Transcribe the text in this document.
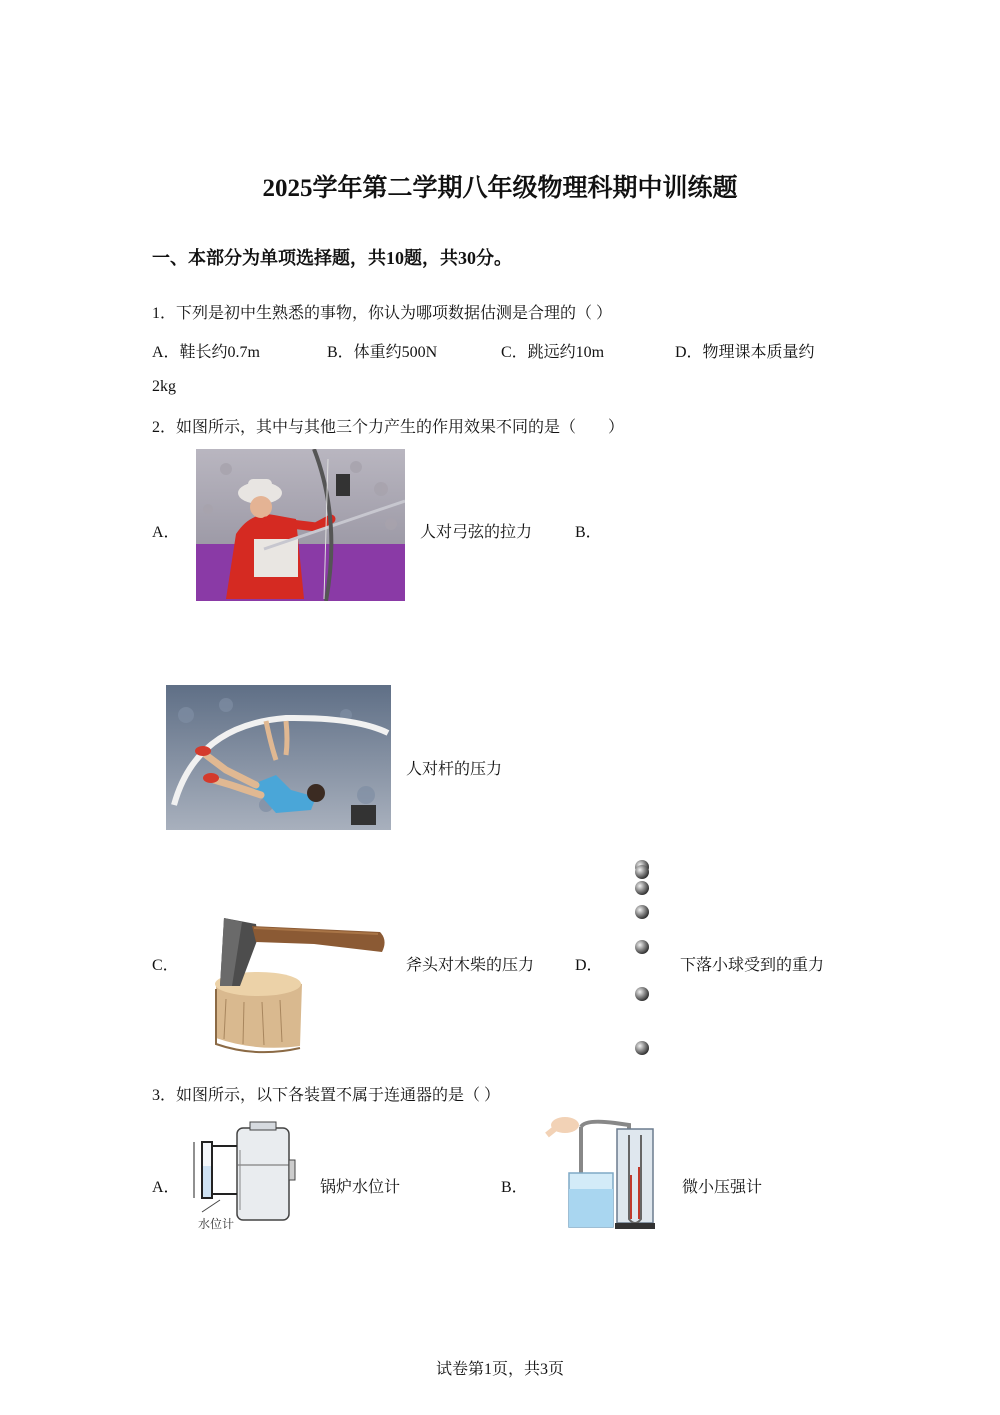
2025学年第二学期八年级物理科期中训练题
一、本部分为单项选择题，共10题，共30分。
1．下列是初中生熟悉的事物，你认为哪项数据估测是合理的（ ）
A．鞋长约0.7m	B．体重约500N	C．跳远约10m	D．物理课本质量约
2kg
2．如图所示，其中与其他三个力产生的作用效果不同的是（　　）
A．	人对弓弦的拉力	B．
人对杆的压力
C．	斧头对木柴的压力	D．	下落小球受到的重力
3．如图所示，以下各装置不属于连通器的是（ ）
A．
水位计
锅炉水位计	B．	微小压强计
试卷第1页，共3页
